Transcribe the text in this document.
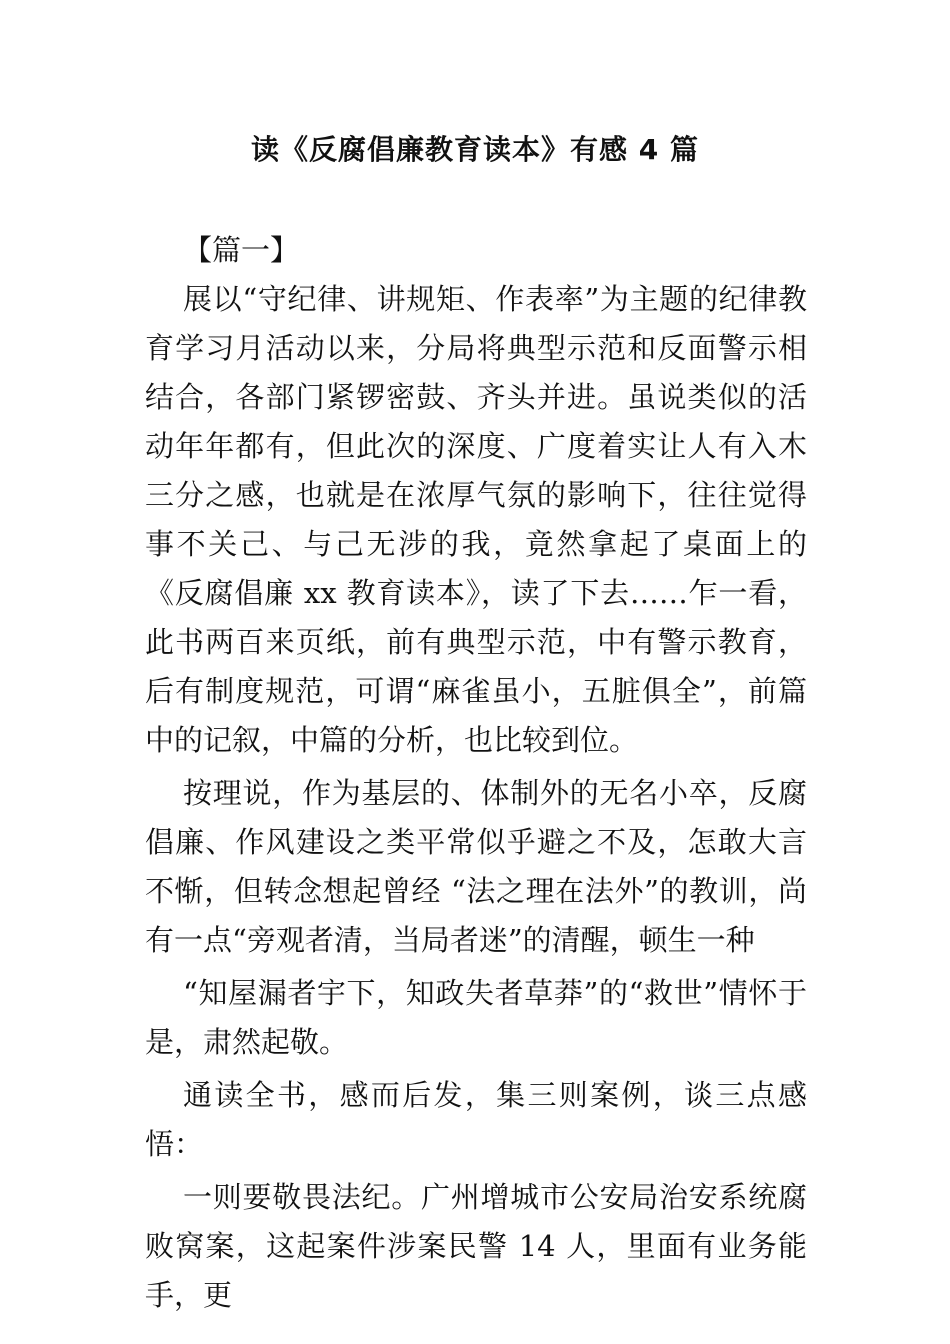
读《反腐倡廉教育读本》有感 4 篇

【篇一】

展以“守纪律、讲规矩、作表率”为主题的纪律教育学习月活动以来，分局将典型示范和反面警示相结合，各部门紧锣密鼓、齐头并进。虽说类似的活动年年都有，但此次的深度、广度着实让人有入木三分之感，也就是在浓厚气氛的影响下，往往觉得事不关己、与己无涉的我，竟然拿起了桌面上的《反腐倡廉 xx 教育读本》，读了下去……乍一看，此书两百来页纸，前有典型示范，中有警示教育，后有制度规范，可谓“麻雀虽小，五脏俱全”，前篇中的记叙，中篇的分析，也比较到位。

按理说，作为基层的、体制外的无名小卒，反腐倡廉、作风建设之类平常似乎避之不及，怎敢大言不惭，但转念想起曾经 “法之理在法外”的教训，尚有一点“旁观者清，当局者迷”的清醒，顿生一种

“知屋漏者宇下，知政失者草莽”的“救世”情怀于是，肃然起敬。

通读全书，感而后发，集三则案例，谈三点感悟：

一则要敬畏法纪。广州增城市公安局治安系统腐败窝案，这起案件涉案民警 14 人，里面有业务能手，更
